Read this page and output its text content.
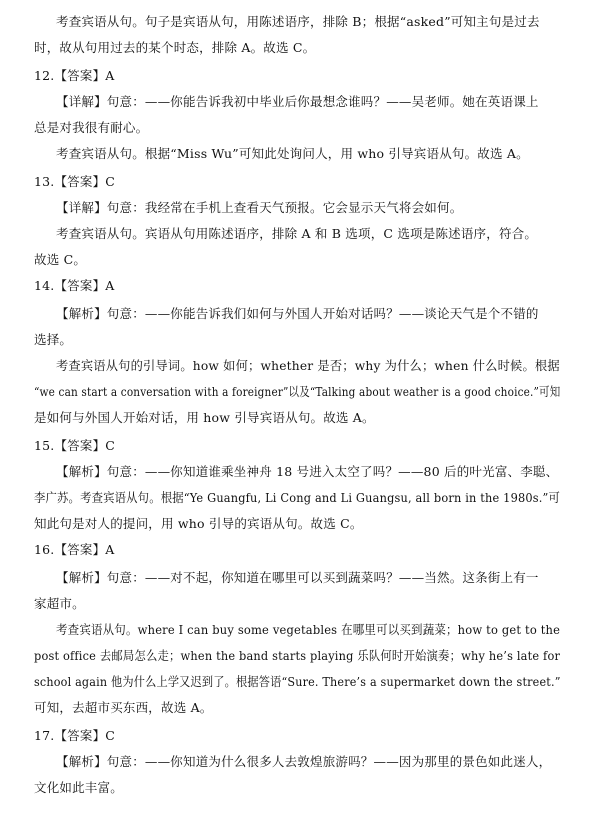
考查宾语从句。句子是宾语从句，用陈述语序，排除 B；根据“asked”可知主句是过去
时，故从句用过去的某个时态，排除 A。故选 C。
12.【答案】A
【详解】句意：——你能告诉我初中毕业后你最想念谁吗？——吴老师。她在英语课上
总是对我很有耐心。
考查宾语从句。根据“Miss Wu”可知此处询问人，用 who 引导宾语从句。故选 A。
13.【答案】C
【详解】句意：我经常在手机上查看天气预报。它会显示天气将会如何。
考查宾语从句。宾语从句用陈述语序，排除 A 和 B 选项，C 选项是陈述语序，符合。
故选 C。
14.【答案】A
【解析】句意：——你能告诉我们如何与外国人开始对话吗？——谈论天气是个不错的
选择。
考查宾语从句的引导词。how 如何；whether 是否；why 为什么；when 什么时候。根据
“we can start a conversation with a foreigner”以及“Talking about weather is a good choice.”可知
是如何与外国人开始对话，用 how 引导宾语从句。故选 A。
15.【答案】C
【解析】句意：——你知道谁乘坐神舟 18 号进入太空了吗？——80 后的叶光富、李聪、
李广苏。考查宾语从句。根据“Ye Guangfu, Li Cong and Li Guangsu, all born in the 1980s.”可
知此句是对人的提问，用 who 引导的宾语从句。故选 C。
16.【答案】A
【解析】句意：——对不起，你知道在哪里可以买到蔬菜吗？——当然。这条街上有一
家超市。
考查宾语从句。where I can buy some vegetables 在哪里可以买到蔬菜；how to get to the
post office 去邮局怎么走；when the band starts playing 乐队何时开始演奏；why he’s late for
school again 他为什么上学又迟到了。根据答语“Sure. There’s a supermarket down the street.”
可知，去超市买东西，故选 A。
17.【答案】C
【解析】句意：——你知道为什么很多人去敦煌旅游吗？——因为那里的景色如此迷人，
文化如此丰富。
